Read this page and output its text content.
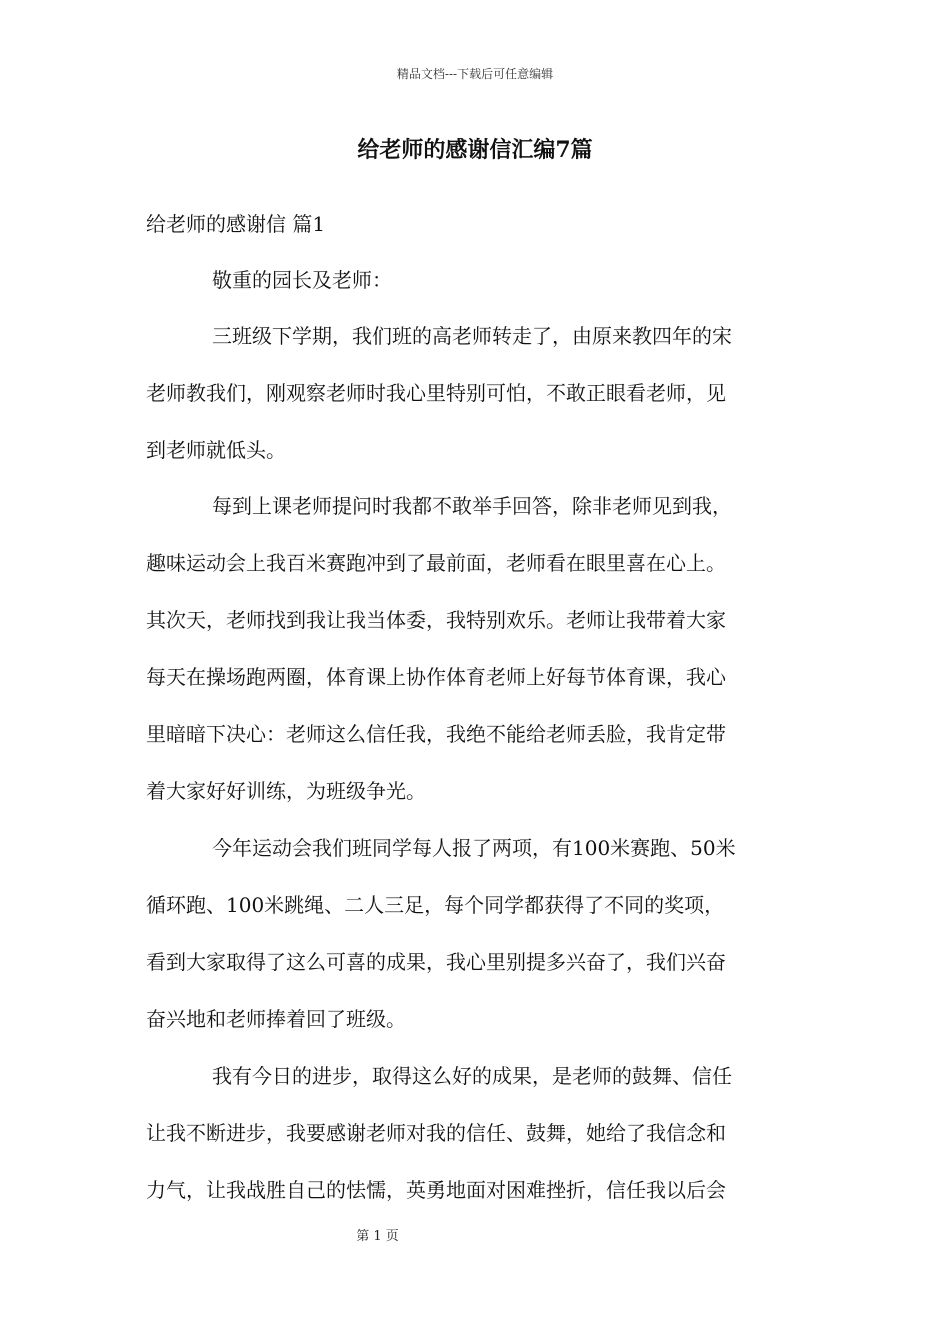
精品文档---下载后可任意编辑
给老师的感谢信汇编7篇

给老师的感谢信 篇1

敬重的园长及老师：

三班级下学期，我们班的高老师转走了，由原来教四年的宋
老师教我们，刚观察老师时我心里特别可怕，不敢正眼看老师，见
到老师就低头。
每到上课老师提问时我都不敢举手回答，除非老师见到我，
趣味运动会上我百米赛跑冲到了最前面，老师看在眼里喜在心上。
其次天，老师找到我让我当体委，我特别欢乐。老师让我带着大家
每天在操场跑两圈，体育课上协作体育老师上好每节体育课，我心
里暗暗下决心：老师这么信任我，我绝不能给老师丢脸，我肯定带
着大家好好训练，为班级争光。
今年运动会我们班同学每人报了两项，有100米赛跑、50米
循环跑、100米跳绳、二人三足，每个同学都获得了不同的奖项，
看到大家取得了这么可喜的成果，我心里别提多兴奋了，我们兴奋
奋兴地和老师捧着回了班级。
我有今日的进步，取得这么好的成果，是老师的鼓舞、信任
让我不断进步，我要感谢老师对我的信任、鼓舞，她给了我信念和
力气，让我战胜自己的怯懦，英勇地面对困难挫折，信任我以后会
第 1 页
